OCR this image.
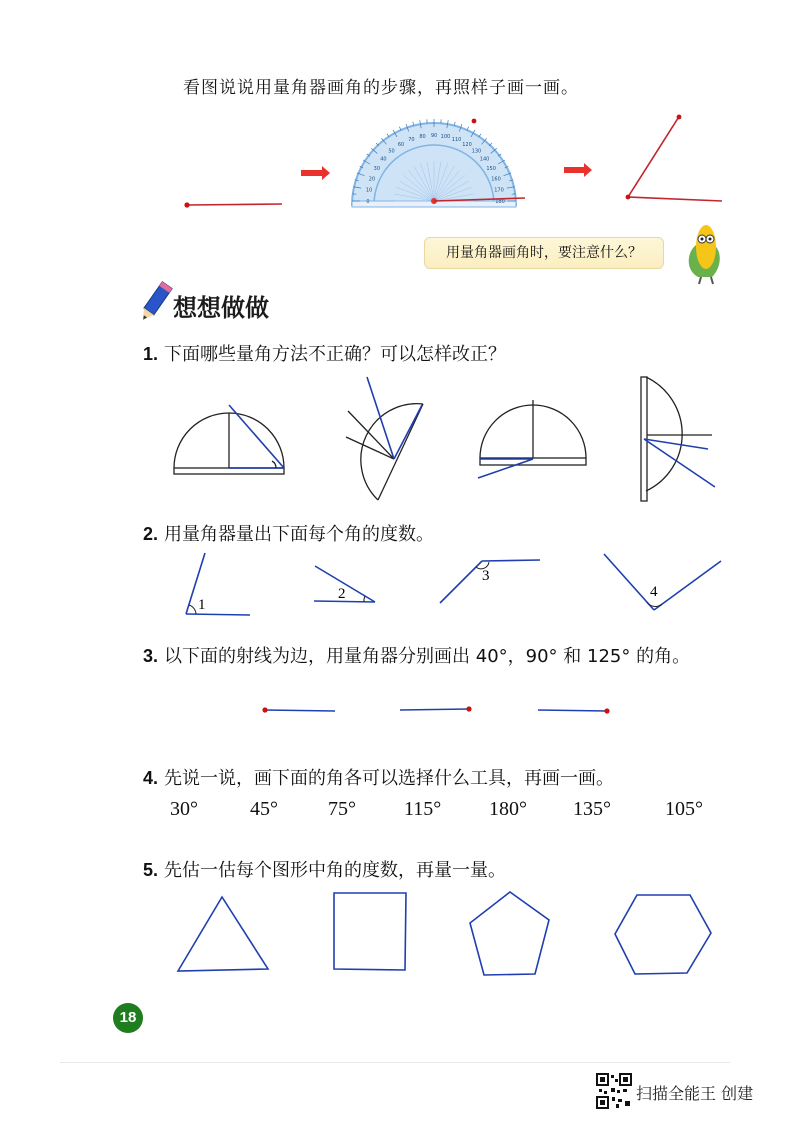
看图说说用量角器画角的步骤，再照样子画一画。
0
10
20
30
40
50
60
70 80 90 100 110
120
130
140
150
160
170
180
用量角器画角时，要注意什么？
想想做做
1. 下面哪些量角方法不正确？可以怎样改正？
2. 用量角器量出下面每个角的度数。
1
2
3
4
3. 以下面的射线为边，用量角器分别画出 40°，90° 和 125° 的角。
4. 先说一说，画下面的角各可以选择什么工具，再画一画。
30°	45°	75° 115° 180° 135°	105°
5. 先估一估每个图形中角的度数，再量一量。
18
扫描全能王 创建
